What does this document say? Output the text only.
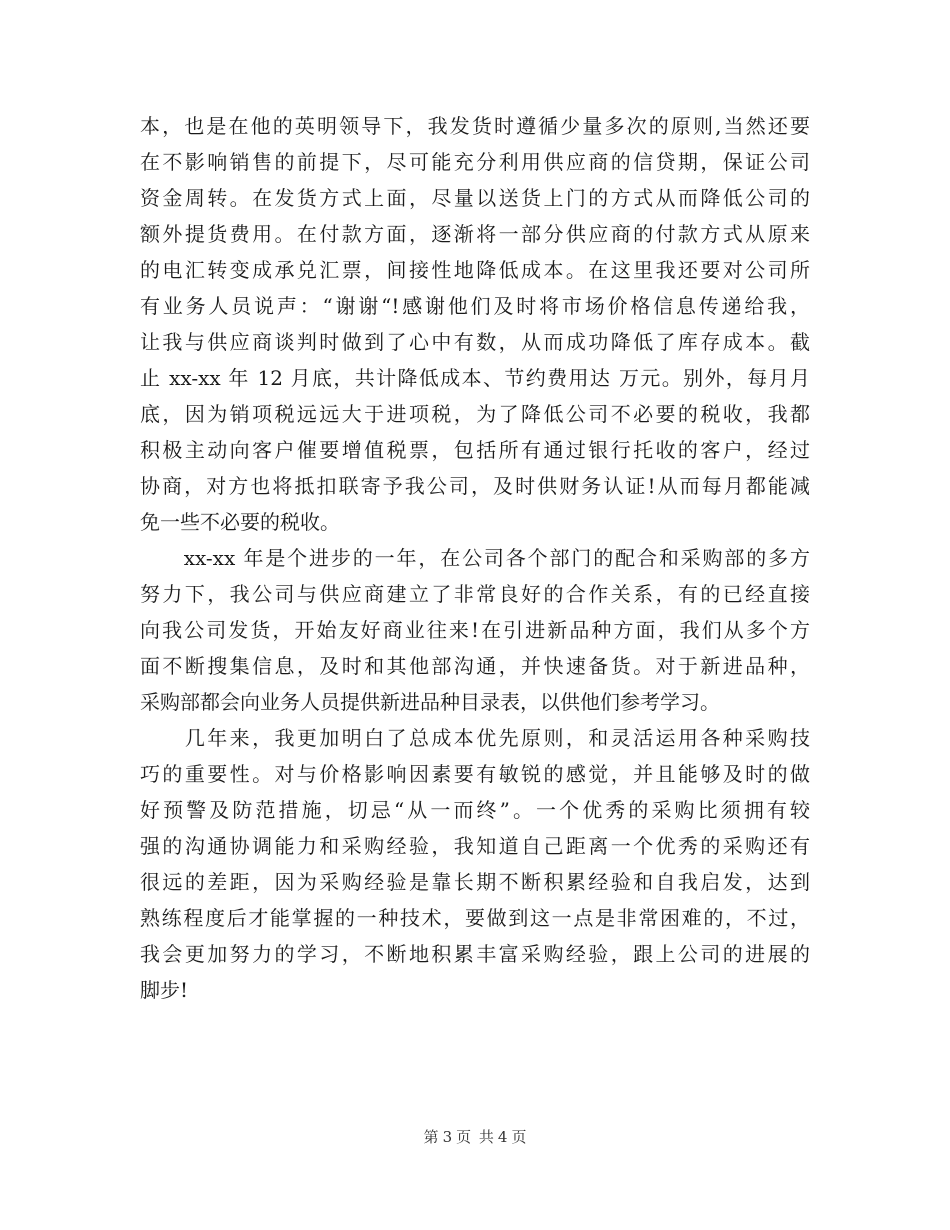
本，也是在他的英明领导下，我发货时遵循少量多次的原则,当然还要
在不影响销售的前提下，尽可能充分利用供应商的信贷期，保证公司
资金周转。在发货方式上面，尽量以送货上门的方式从而降低公司的
额外提货费用。在付款方面，逐渐将一部分供应商的付款方式从原来
的电汇转变成承兑汇票，间接性地降低成本。在这里我还要对公司所
有业务人员说声：“谢谢“!感谢他们及时将市场价格信息传递给我，
让我与供应商谈判时做到了心中有数，从而成功降低了库存成本。截
止 xx-xx 年 12 月底，共计降低成本、节约费用达 万元。别外，每月月
底，因为销项税远远大于进项税，为了降低公司不必要的税收，我都
积极主动向客户催要增值税票，包括所有通过银行托收的客户，经过
协商，对方也将抵扣联寄予我公司，及时供财务认证!从而每月都能减
免一些不必要的税收。
　　xx-xx 年是个进步的一年，在公司各个部门的配合和采购部的多方
努力下，我公司与供应商建立了非常良好的合作关系，有的已经直接
向我公司发货，开始友好商业往来!在引进新品种方面，我们从多个方
面不断搜集信息，及时和其他部沟通，并快速备货。对于新进品种，
采购部都会向业务人员提供新进品种目录表，以供他们参考学习。
　　几年来，我更加明白了总成本优先原则，和灵活运用各种采购技
巧的重要性。对与价格影响因素要有敏锐的感觉，并且能够及时的做
好预警及防范措施，切忌“从一而终”。一个优秀的采购比须拥有较
强的沟通协调能力和采购经验，我知道自己距离一个优秀的采购还有
很远的差距，因为采购经验是靠长期不断积累经验和自我启发，达到
熟练程度后才能掌握的一种技术，要做到这一点是非常困难的，不过，
我会更加努力的学习，不断地积累丰富采购经验，跟上公司的进展的
脚步!
第 3 页 共 4 页
